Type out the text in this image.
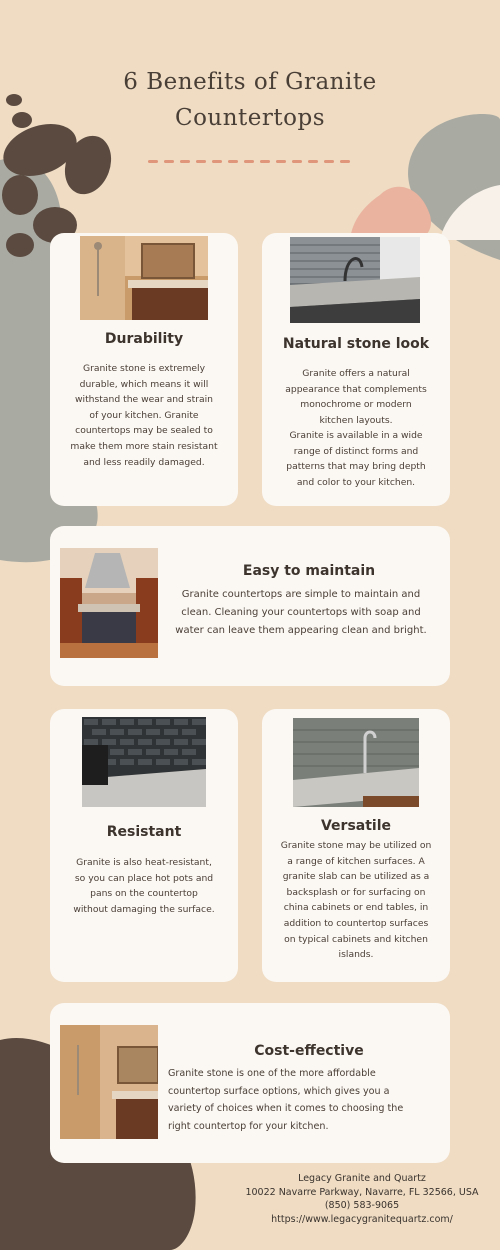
6 Benefits of Granite
Countertops
Durability

Granite stone is extremely durable, which means it will withstand the wear and strain of your kitchen. Granite countertops may be sealed to make them more stain resistant and less readily damaged.

Natural stone look

Granite offers a natural appearance that complements monochrome or modern kitchen layouts.

Granite is available in a wide range of distinct forms and patterns that may bring depth and color to your kitchen.

Easy to maintain

Granite countertops are simple to maintain and clean. Cleaning your countertops with soap and water can leave them appearing clean and bright.

Resistant

Granite is also heat-resistant, so you can place hot pots and pans on the countertop without damaging the surface.

Versatile

Granite stone may be utilized on a range of kitchen surfaces. A granite slab can be utilized as a backsplash or for surfacing on china cabinets or end tables, in addition to countertop surfaces on typical cabinets and kitchen islands.

Cost-effective

Granite stone is one of the more affordable countertop surface options, which gives you a variety of choices when it comes to choosing the right countertop for your kitchen.

Legacy Granite and Quartz
10022 Navarre Parkway, Navarre, FL 32566, USA
(850) 583-9065
https://www.legacygranitequartz.com/
